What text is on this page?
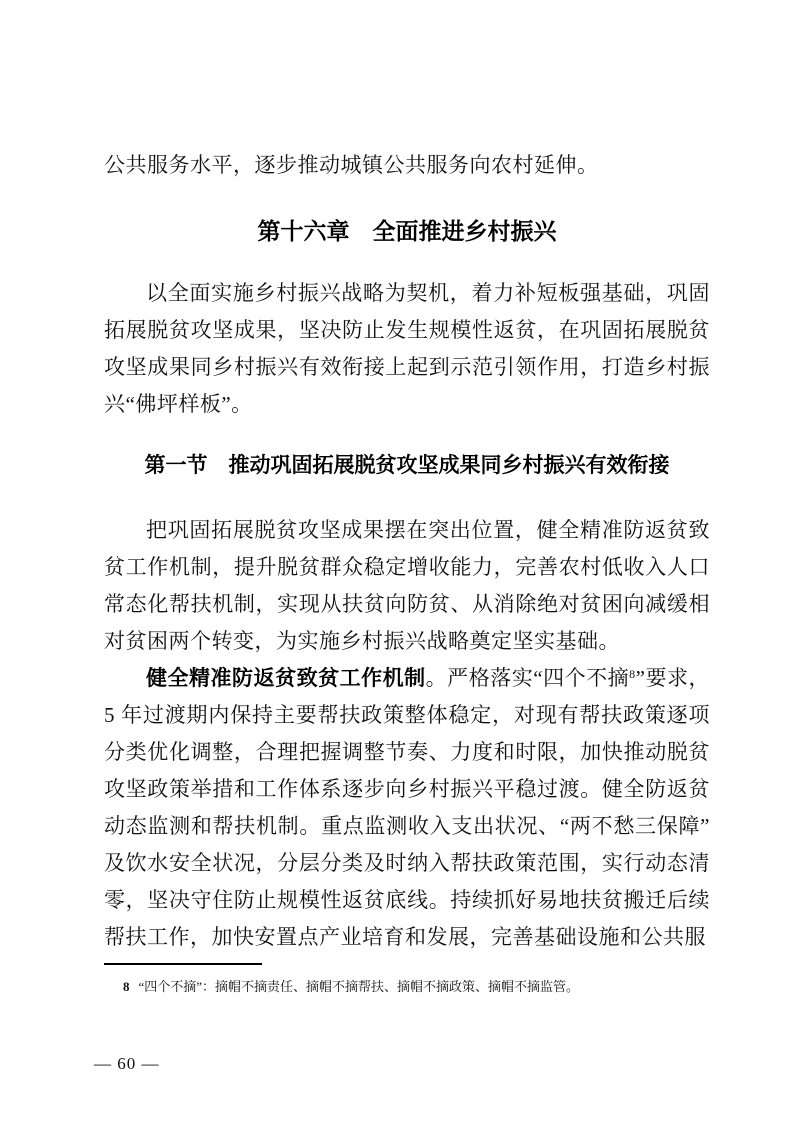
公共服务水平，逐步推动城镇公共服务向农村延伸。

第十六章 全面推进乡村振兴

以全面实施乡村振兴战略为契机，着力补短板强基础，巩固拓展脱贫攻坚成果，坚决防止发生规模性返贫，在巩固拓展脱贫攻坚成果同乡村振兴有效衔接上起到示范引领作用，打造乡村振兴“佛坪样板”。

第一节 推动巩固拓展脱贫攻坚成果同乡村振兴有效衔接

把巩固拓展脱贫攻坚成果摆在突出位置，健全精准防返贫致贫工作机制，提升脱贫群众稳定增收能力，完善农村低收入人口常态化帮扶机制，实现从扶贫向防贫、从消除绝对贫困向减缓相对贫困两个转变，为实施乡村振兴战略奠定坚实基础。

健全精准防返贫致贫工作机制。严格落实“四个不摘$^8$”要求，5 年过渡期内保持主要帮扶政策整体稳定，对现有帮扶政策逐项分类优化调整，合理把握调整节奏、力度和时限，加快推动脱贫攻坚政策举措和工作体系逐步向乡村振兴平稳过渡。健全防返贫动态监测和帮扶机制。重点监测收入支出状况、“两不愁三保障”及饮水安全状况，分层分类及时纳入帮扶政策范围，实行动态清零，坚决守住防止规模性返贫底线。持续抓好易地扶贫搬迁后续帮扶工作，加快安置点产业培育和发展，完善基础设施和公共服

8 “四个不摘”：摘帽不摘责任、摘帽不摘帮扶、摘帽不摘政策、摘帽不摘监管。

— 60 —
